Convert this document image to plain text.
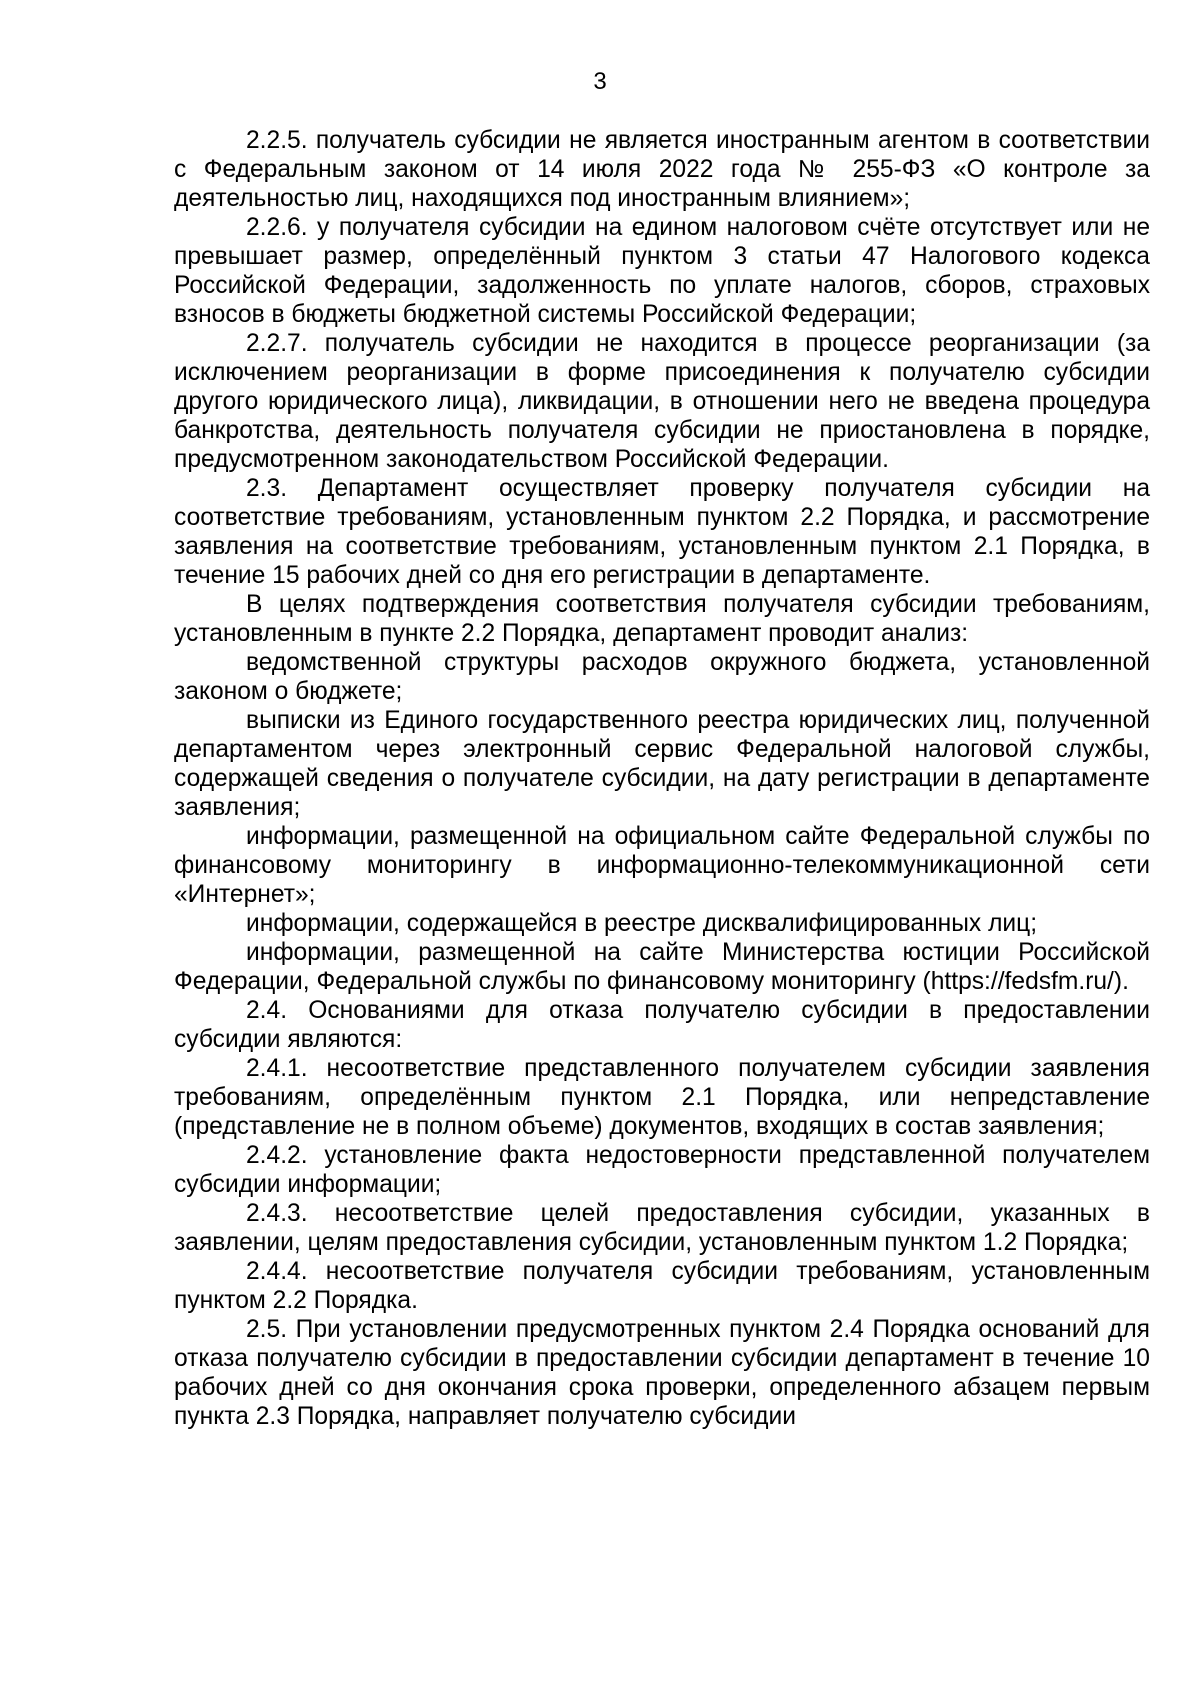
3

2.2.5. получатель субсидии не является иностранным агентом в соответствии с Федеральным законом от 14 июля 2022 года № 255-ФЗ «О контроле за деятельностью лиц, находящихся под иностранным влиянием»;

2.2.6. у получателя субсидии на едином налоговом счёте отсутствует или не превышает размер, определённый пунктом 3 статьи 47 Налогового кодекса Российской Федерации, задолженность по уплате налогов, сборов, страховых взносов в бюджеты бюджетной системы Российской Федерации;

2.2.7. получатель субсидии не находится в процессе реорганизации (за исключением реорганизации в форме присоединения к получателю субсидии другого юридического лица), ликвидации, в отношении него не введена процедура банкротства, деятельность получателя субсидии не приостановлена в порядке, предусмотренном законодательством Российской Федерации.

2.3. Департамент осуществляет проверку получателя субсидии на соответствие требованиям, установленным пунктом 2.2 Порядка, и рассмотрение заявления на соответствие требованиям, установленным пунктом 2.1 Порядка, в течение 15 рабочих дней со дня его регистрации в департаменте.

В целях подтверждения соответствия получателя субсидии требованиям, установленным в пункте 2.2 Порядка, департамент проводит анализ:

ведомственной структуры расходов окружного бюджета, установленной законом о бюджете;

выписки из Единого государственного реестра юридических лиц, полученной департаментом через электронный сервис Федеральной налоговой службы, содержащей сведения о получателе субсидии, на дату регистрации в департаменте заявления;

информации, размещенной на официальном сайте Федеральной службы по финансовому мониторингу в информационно-телекоммуникационной сети «Интернет»;

информации, содержащейся в реестре дисквалифицированных лиц;

информации, размещенной на сайте Министерства юстиции Российской Федерации, Федеральной службы по финансовому мониторингу (https://fedsfm.ru/).

2.4. Основаниями для отказа получателю субсидии в предоставлении субсидии являются:

2.4.1. несоответствие представленного получателем субсидии заявления требованиям, определённым пунктом 2.1 Порядка, или непредставление (представление не в полном объеме) документов, входящих в состав заявления;

2.4.2. установление факта недостоверности представленной получателем субсидии информации;

2.4.3. несоответствие целей предоставления субсидии, указанных в заявлении, целям предоставления субсидии, установленным пунктом 1.2 Порядка;

2.4.4. несоответствие получателя субсидии требованиям, установленным пунктом 2.2 Порядка.

2.5. При установлении предусмотренных пунктом 2.4 Порядка оснований для отказа получателю субсидии в предоставлении субсидии департамент в течение 10 рабочих дней со дня окончания срока проверки, определенного абзацем первым пункта 2.3 Порядка, направляет получателю субсидии
